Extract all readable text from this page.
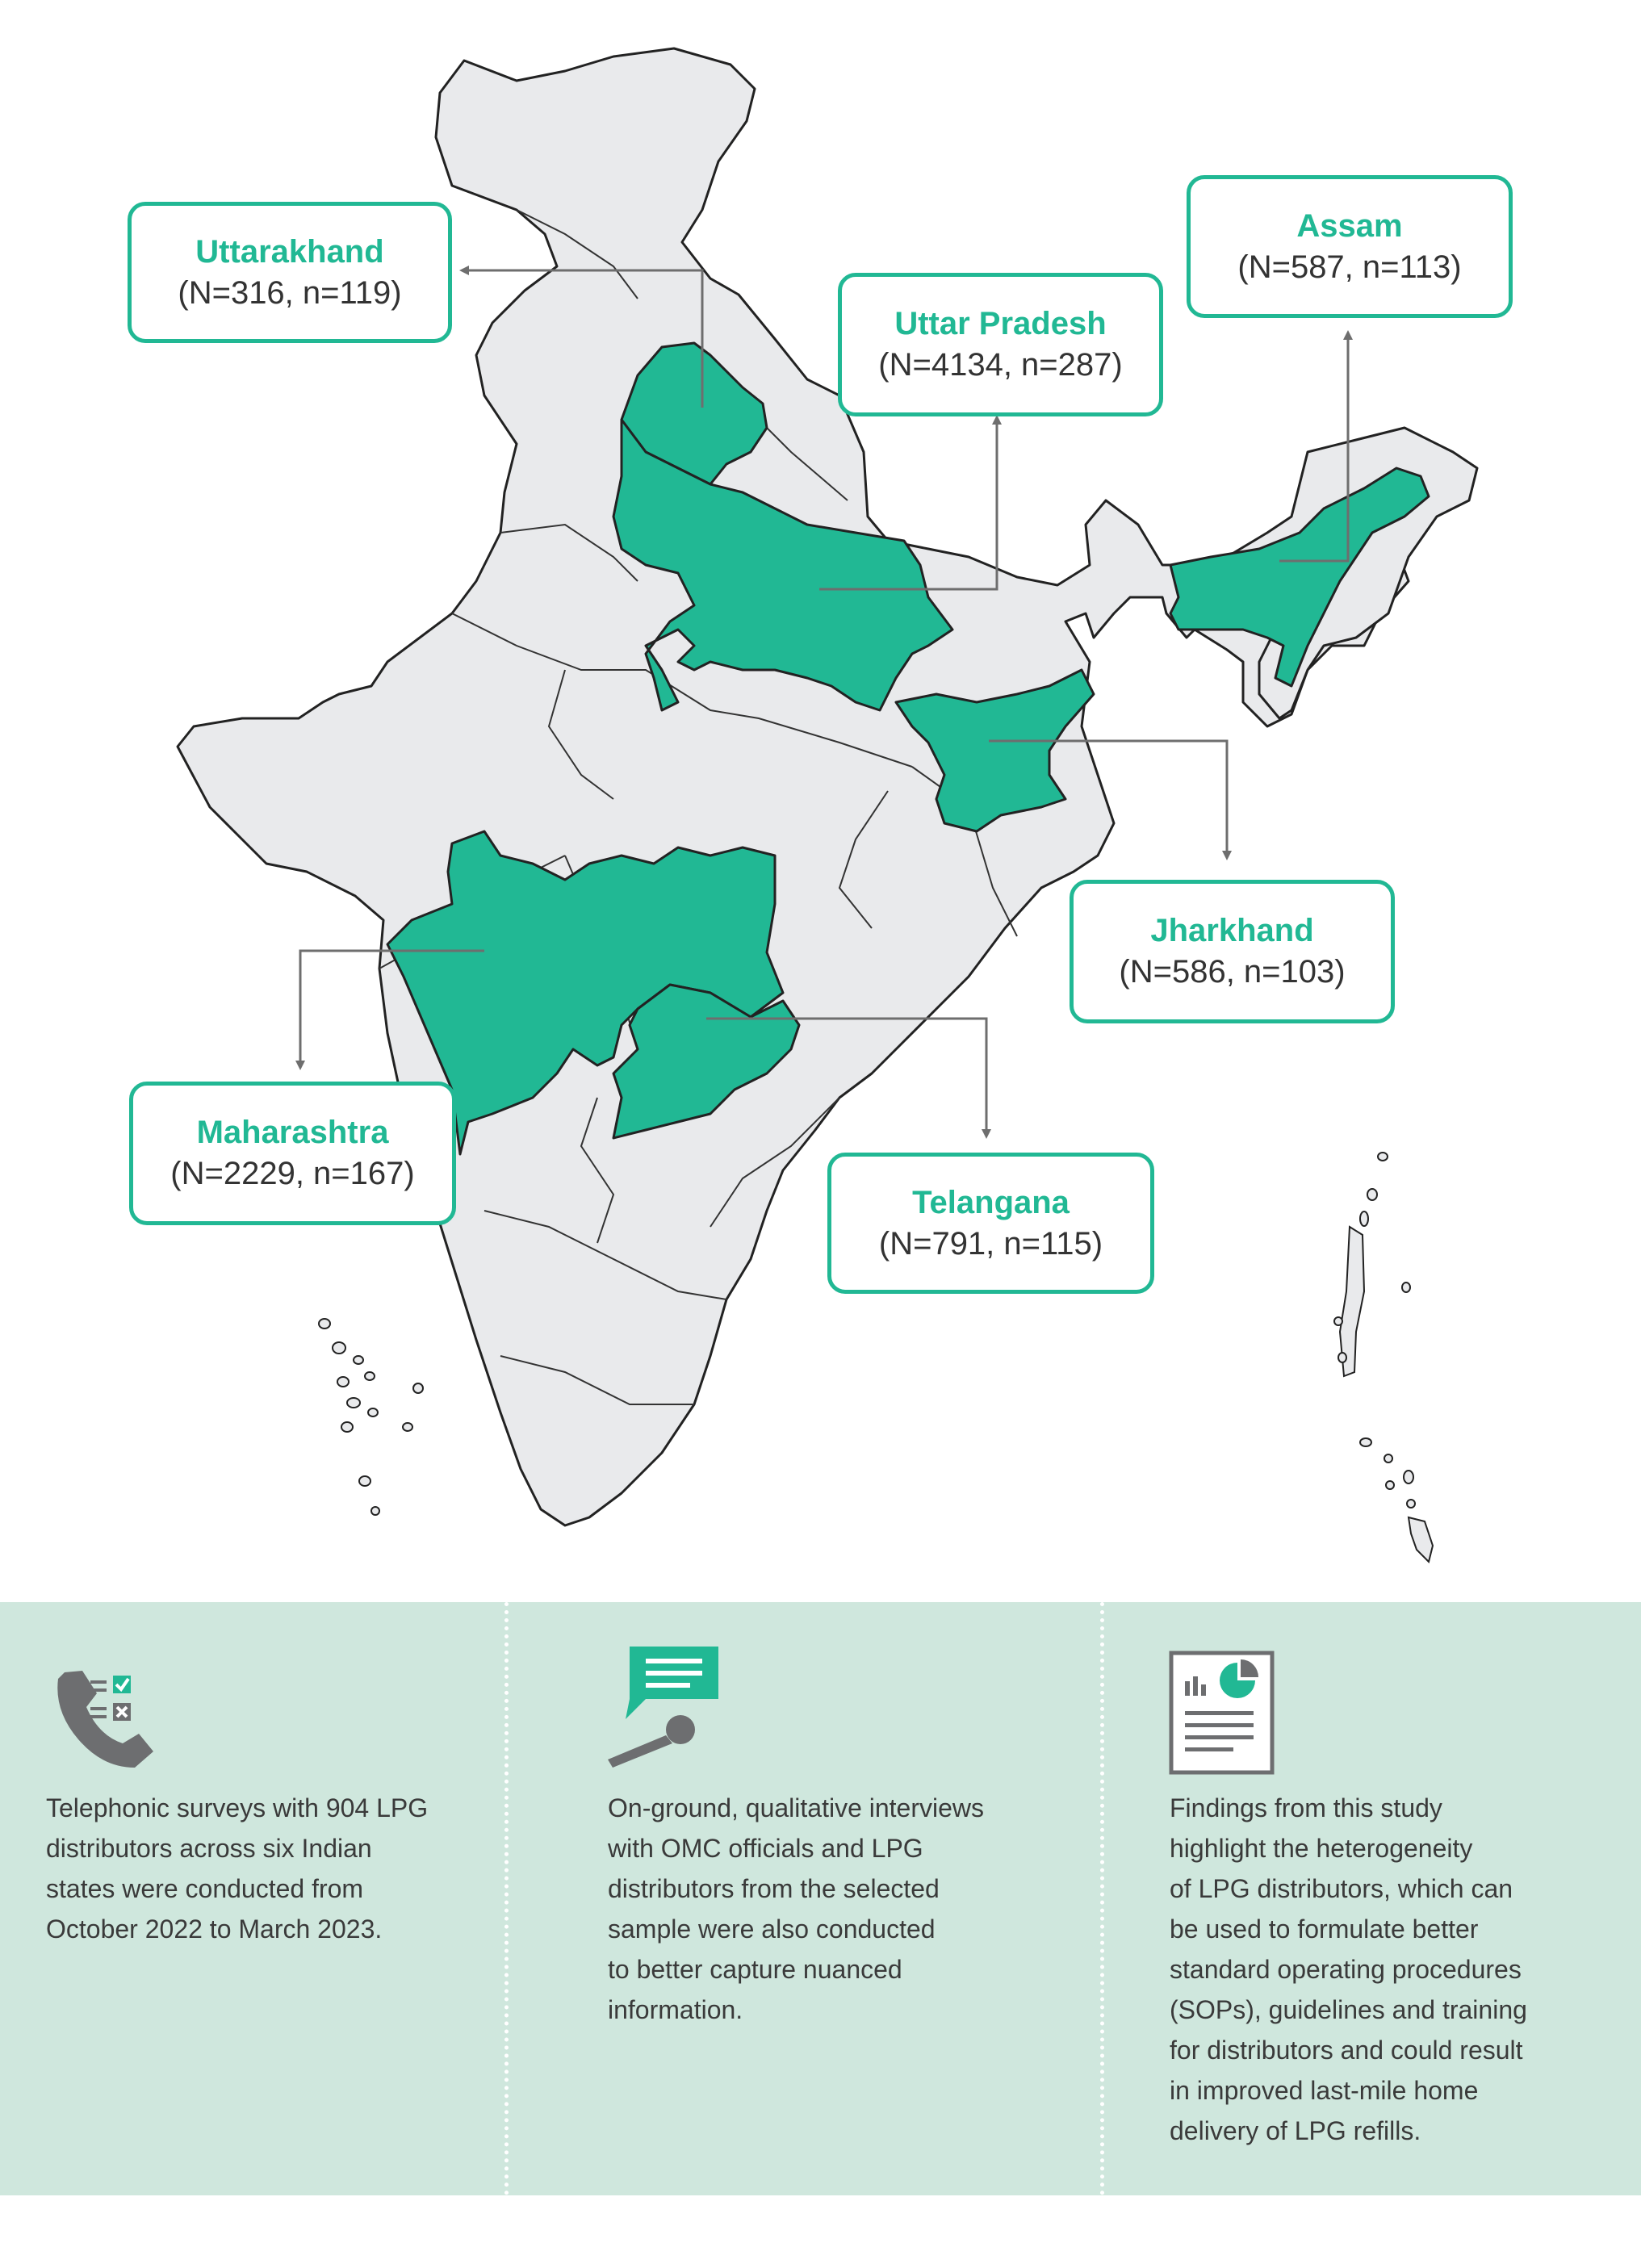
Uttarakhand
(N=316, n=119)
Uttar Pradesh
(N=4134, n=287)
Assam
(N=587, n=113)
Jharkhand
(N=586, n=103)
Maharashtra
(N=2229, n=167)
Telangana
(N=791, n=115)
Telephonic surveys with 904 LPG
distributors across six Indian
states were conducted from
October 2022 to March 2023.
On-ground, qualitative interviews
with OMC officials and LPG
distributors from the selected
sample were also conducted
to better capture nuanced
information.
Findings from this study
highlight the heterogeneity
of LPG distributors, which can
be used to formulate better
standard operating procedures
(SOPs), guidelines and training
for distributors and could result
in improved last-mile home
delivery of LPG refills.
